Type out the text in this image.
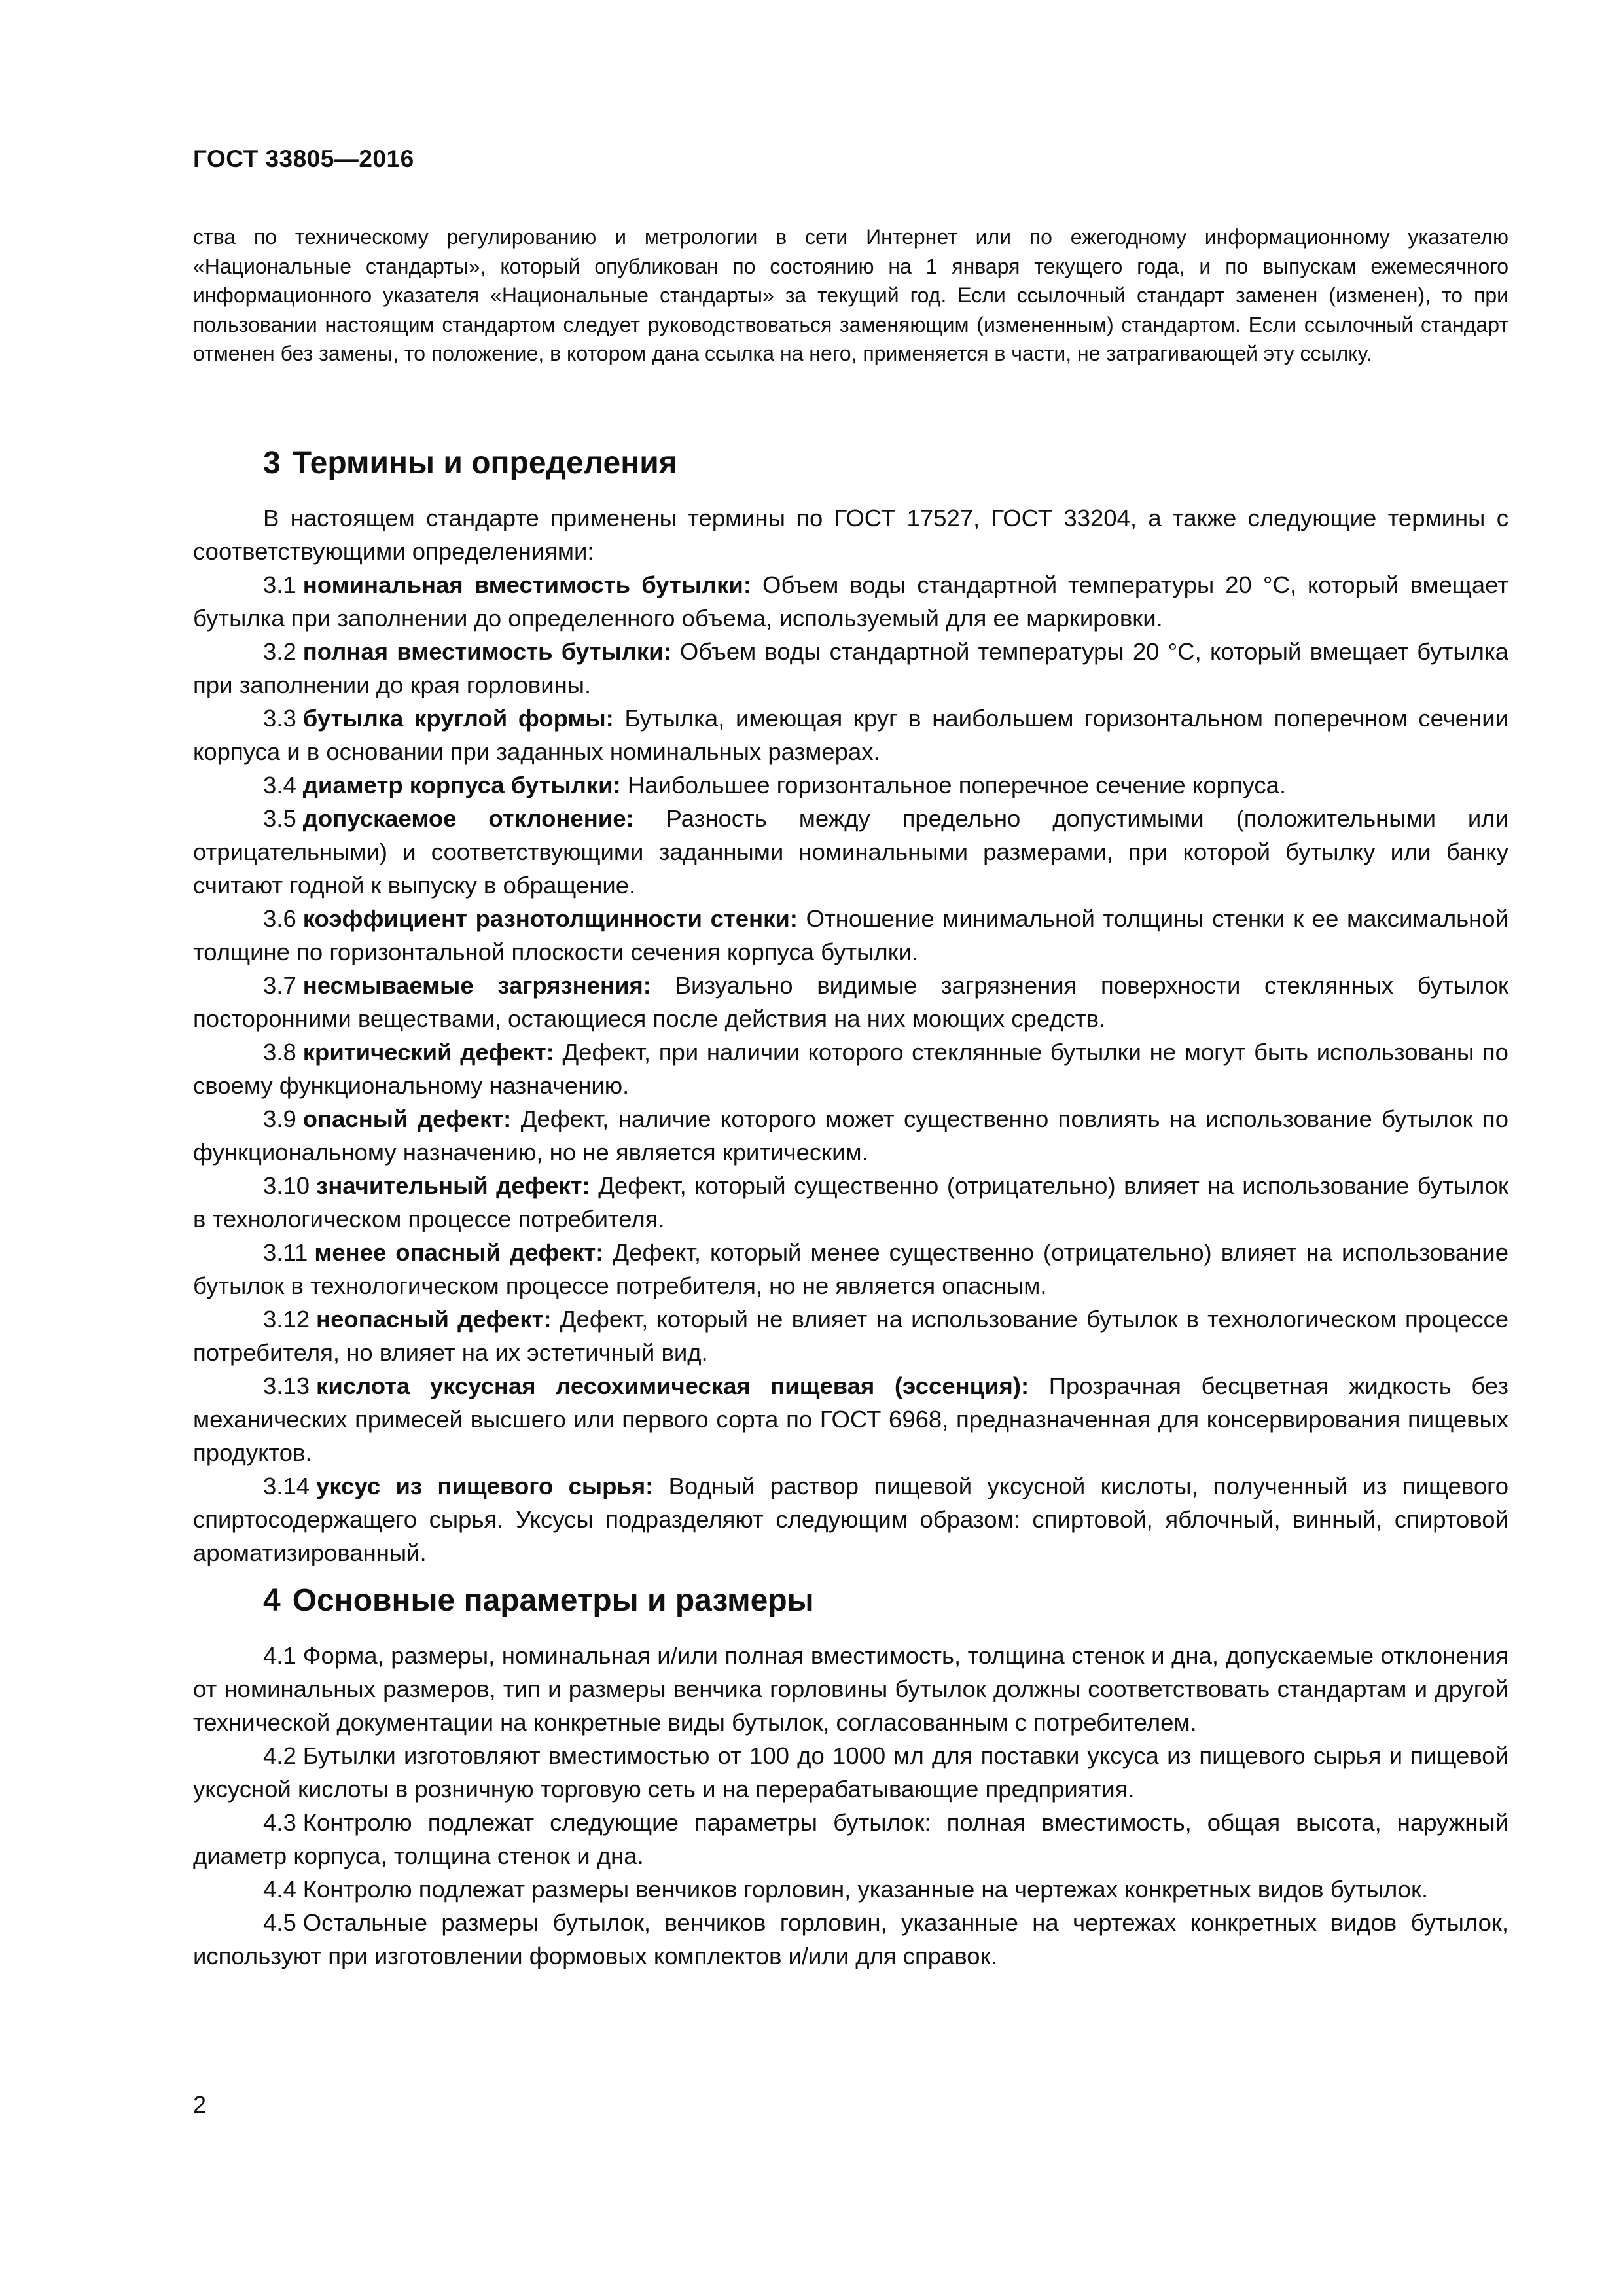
ГОСТ 33805—2016
ства по техническому регулированию и метрологии в сети Интернет или по ежегодному информационному указателю «Национальные стандарты», который опубликован по состоянию на 1 января текущего года, и по выпускам ежемесячного информационного указателя «Национальные стандарты» за текущий год. Если ссылочный стандарт заменен (изменен), то при пользовании настоящим стандартом следует руководствоваться заменяющим (измененным) стандартом. Если ссылочный стандарт отменен без замены, то положение, в котором дана ссылка на него, применяется в части, не затрагивающей эту ссылку.
3 Термины и определения

В настоящем стандарте применены термины по ГОСТ 17527, ГОСТ 33204, а также следующие термины с соответствующими определениями:

3.1 номинальная вместимость бутылки: Объем воды стандартной температуры 20 °С, который вмещает бутылка при заполнении до определенного объема, используемый для ее маркировки.

3.2 полная вместимость бутылки: Объем воды стандартной температуры 20 °С, который вмещает бутылка при заполнении до края горловины.

3.3 бутылка круглой формы: Бутылка, имеющая круг в наибольшем горизонтальном поперечном сечении корпуса и в основании при заданных номинальных размерах.

3.4 диаметр корпуса бутылки: Наибольшее горизонтальное поперечное сечение корпуса.

3.5 допускаемое отклонение: Разность между предельно допустимыми (положительными или отрицательными) и соответствующими заданными номинальными размерами, при которой бутылку или банку считают годной к выпуску в обращение.

3.6 коэффициент разнотолщинности стенки: Отношение минимальной толщины стенки к ее максимальной толщине по горизонтальной плоскости сечения корпуса бутылки.

3.7 несмываемые загрязнения: Визуально видимые загрязнения поверхности стеклянных бутылок посторонними веществами, остающиеся после действия на них моющих средств.

3.8 критический дефект: Дефект, при наличии которого стеклянные бутылки не могут быть использованы по своему функциональному назначению.

3.9 опасный дефект: Дефект, наличие которого может существенно повлиять на использование бутылок по функциональному назначению, но не является критическим.

3.10 значительный дефект: Дефект, который существенно (отрицательно) влияет на использование бутылок в технологическом процессе потребителя.

3.11 менее опасный дефект: Дефект, который менее существенно (отрицательно) влияет на использование бутылок в технологическом процессе потребителя, но не является опасным.

3.12 неопасный дефект: Дефект, который не влияет на использование бутылок в технологическом процессе потребителя, но влияет на их эстетичный вид.

3.13 кислота уксусная лесохимическая пищевая (эссенция): Прозрачная бесцветная жидкость без механических примесей высшего или первого сорта по ГОСТ 6968, предназначенная для консервирования пищевых продуктов.

3.14 уксус из пищевого сырья: Водный раствор пищевой уксусной кислоты, полученный из пищевого спиртосодержащего сырья. Уксусы подразделяют следующим образом: спиртовой, яблочный, винный, спиртовой ароматизированный.

4 Основные параметры и размеры

4.1 Форма, размеры, номинальная и/или полная вместимость, толщина стенок и дна, допускаемые отклонения от номинальных размеров, тип и размеры венчика горловины бутылок должны соответствовать стандартам и другой технической документации на конкретные виды бутылок, согласованным с потребителем.

4.2 Бутылки изготовляют вместимостью от 100 до 1000 мл для поставки уксуса из пищевого сырья и пищевой уксусной кислоты в розничную торговую сеть и на перерабатывающие предприятия.

4.3 Контролю подлежат следующие параметры бутылок: полная вместимость, общая высота, наружный диаметр корпуса, толщина стенок и дна.

4.4 Контролю подлежат размеры венчиков горловин, указанные на чертежах конкретных видов бутылок.

4.5 Остальные размеры бутылок, венчиков горловин, указанные на чертежах конкретных видов бутылок, используют при изготовлении формовых комплектов и/или для справок.

2
